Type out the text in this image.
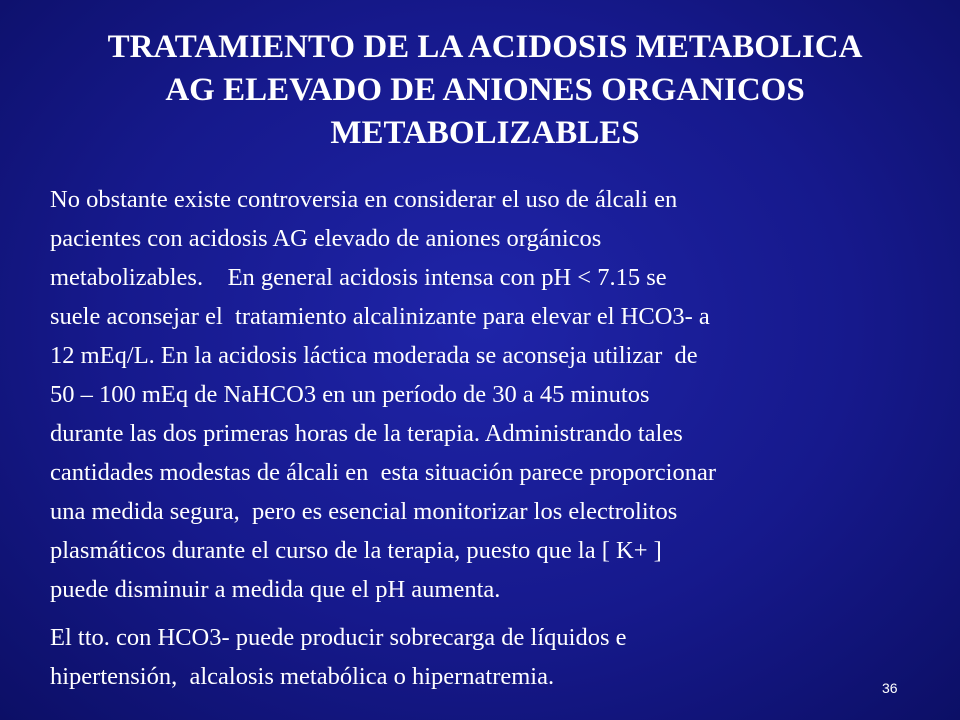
TRATAMIENTO DE LA ACIDOSIS METABOLICA
AG ELEVADO DE ANIONES ORGANICOS
METABOLIZABLES
No obstante existe controversia en considerar el uso de álcali en
pacientes con acidosis AG elevado de aniones orgánicos
metabolizables.    En general acidosis intensa con pH < 7.15 se
suele aconsejar el  tratamiento alcalinizante para elevar el HCO3- a
12 mEq/L. En la acidosis láctica moderada se aconseja utilizar  de
50 – 100 mEq de NaHCO3 en un período de 30 a 45 minutos
durante las dos primeras horas de la terapia. Administrando tales
cantidades modestas de álcali en  esta situación parece proporcionar
una medida segura,  pero es esencial monitorizar los electrolitos
plasmáticos durante el curso de la terapia, puesto que la [ K+ ]
puede disminuir a medida que el pH aumenta.
El tto. con HCO3- puede producir sobrecarga de líquidos e
hipertensión,  alcalosis metabólica o hipernatremia.	36
